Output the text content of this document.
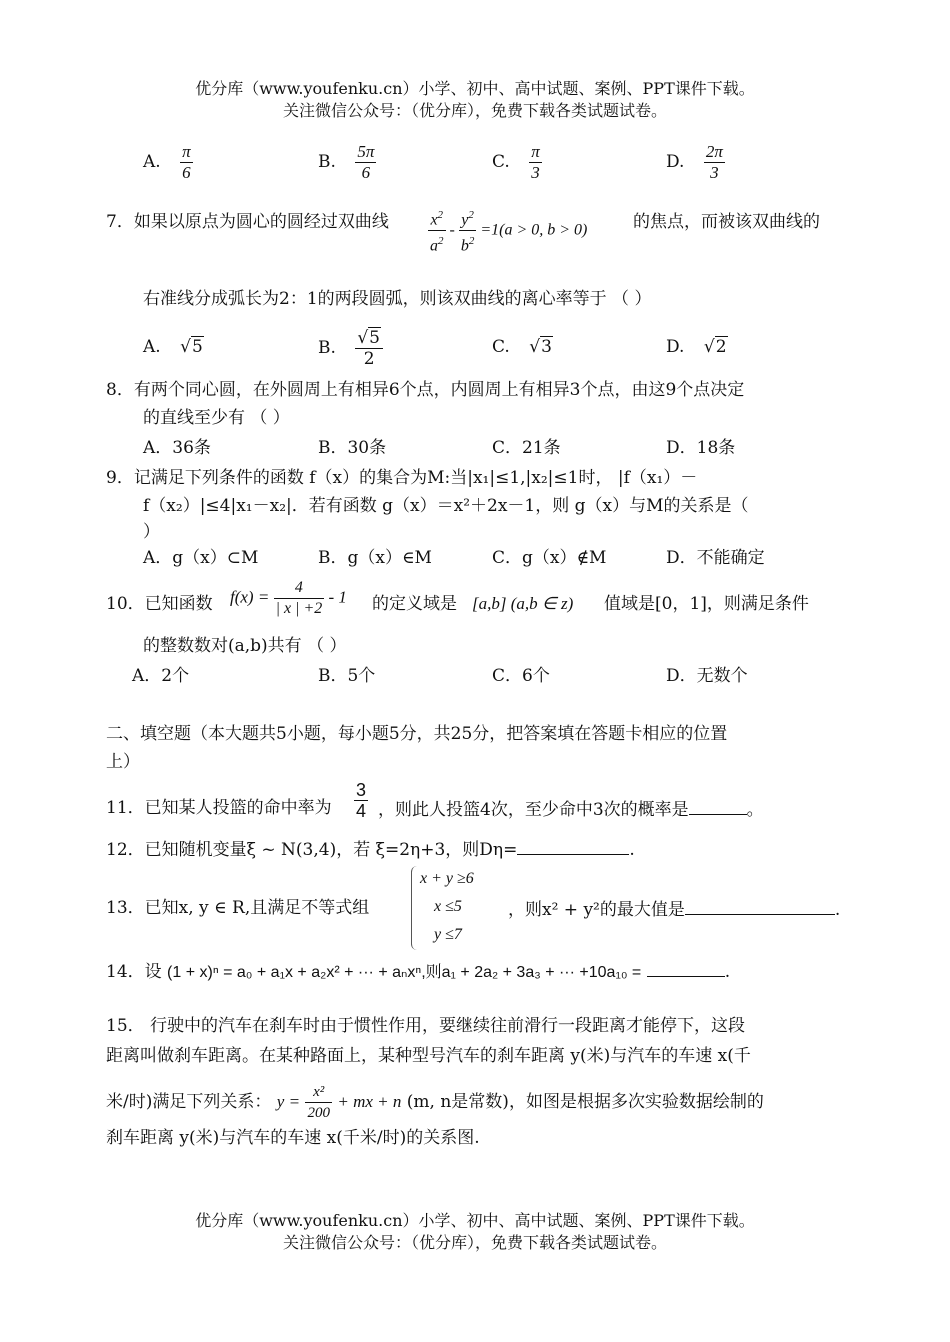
优分库（www.youfenku.cn）小学、初中、高中试题、案例、PPT课件下载。
关注微信公众号：（优分库），免费下载各类试题试卷。
A. $\frac{\pi}{6}$	B. $\frac{5\pi}{6}$	C. $\frac{\pi}{3}$	D. $\frac{2\pi}{3}$
7．如果以原点为圆心的圆经过双曲线 $\frac{x^2}{a^2} - \frac{y^2}{b^2} =1(a > 0$, b > 0)	的焦点，而被该双曲线的
右准线分成弧长为2：1的两段圆弧，则该双曲线的离心率等于 （ ）
A. √5	B. $\frac{√5}{2}$	C. √3	D. √2
8．有两个同心圆，在外圆周上有相异6个点，内圆周上有相异3个点，由这9个点决定
的直线至少有 （ ）
A．36条	B．30条	C．21条	D．18条
9．记满足下列条件的函数 f（x）的集合为M:当|x₁|≤1,|x₂|≤1时， |f（x₁）－
f（x₂）|≤4|x₁－x₂|．若有函数 g（x）＝x²＋2x－1，则 g（x）与M的关系是（
）
A．g（x）⊂M	B．g（x）∈M	C．g（x）∉M	D．不能确定
10．已知函数 $f(x) = \frac{4}{| x | +2} - 1$ 的定义域是 [a,b] (a,b ∈ z) 值域是[0，1]，则满足条件
的整数数对(a,b)共有 （ ）
A．2个	B．5个	C．6个	D．无数个
二、填空题（本大题共5小题，每小题5分，共25分，把答案填在答题卡相应的位置
上）
11．已知某人投篮的命中率为 $\frac{3}{4}$ ，则此人投篮4次，至少命中3次的概率是	。
12．已知随机变量ξ ~ N(3,4)，若 ξ=2η+3，则Dη=	.
13．已知x, y ∈ R,且满足不等式组
x + y ≥6
x ≤5
y ≤7
，则x² + y²的最大值是	.
14．设 (1 + x)ⁿ = a₀ + a₁x + a₂x² + ··· + aₙxⁿ,则a₁ + 2a₂ + 3a₃ + ··· +10a₁₀ =	.
15． 行驶中的汽车在刹车时由于惯性作用，要继续往前滑行一段距离才能停下，这段
距离叫做刹车距离。在某种路面上，某种型号汽车的刹车距离 y(米)与汽车的车速 x(千
米/时)满足下列关系： $y = \frac{\text{x²}}{200}$ + mx + n (m, n是常数)，如图是根据多次实验数据绘制的
刹车距离 y(米)与汽车的车速 x(千米/时)的关系图.
优分库（www.youfenku.cn）小学、初中、高中试题、案例、PPT课件下载。
关注微信公众号：（优分库），免费下载各类试题试卷。
